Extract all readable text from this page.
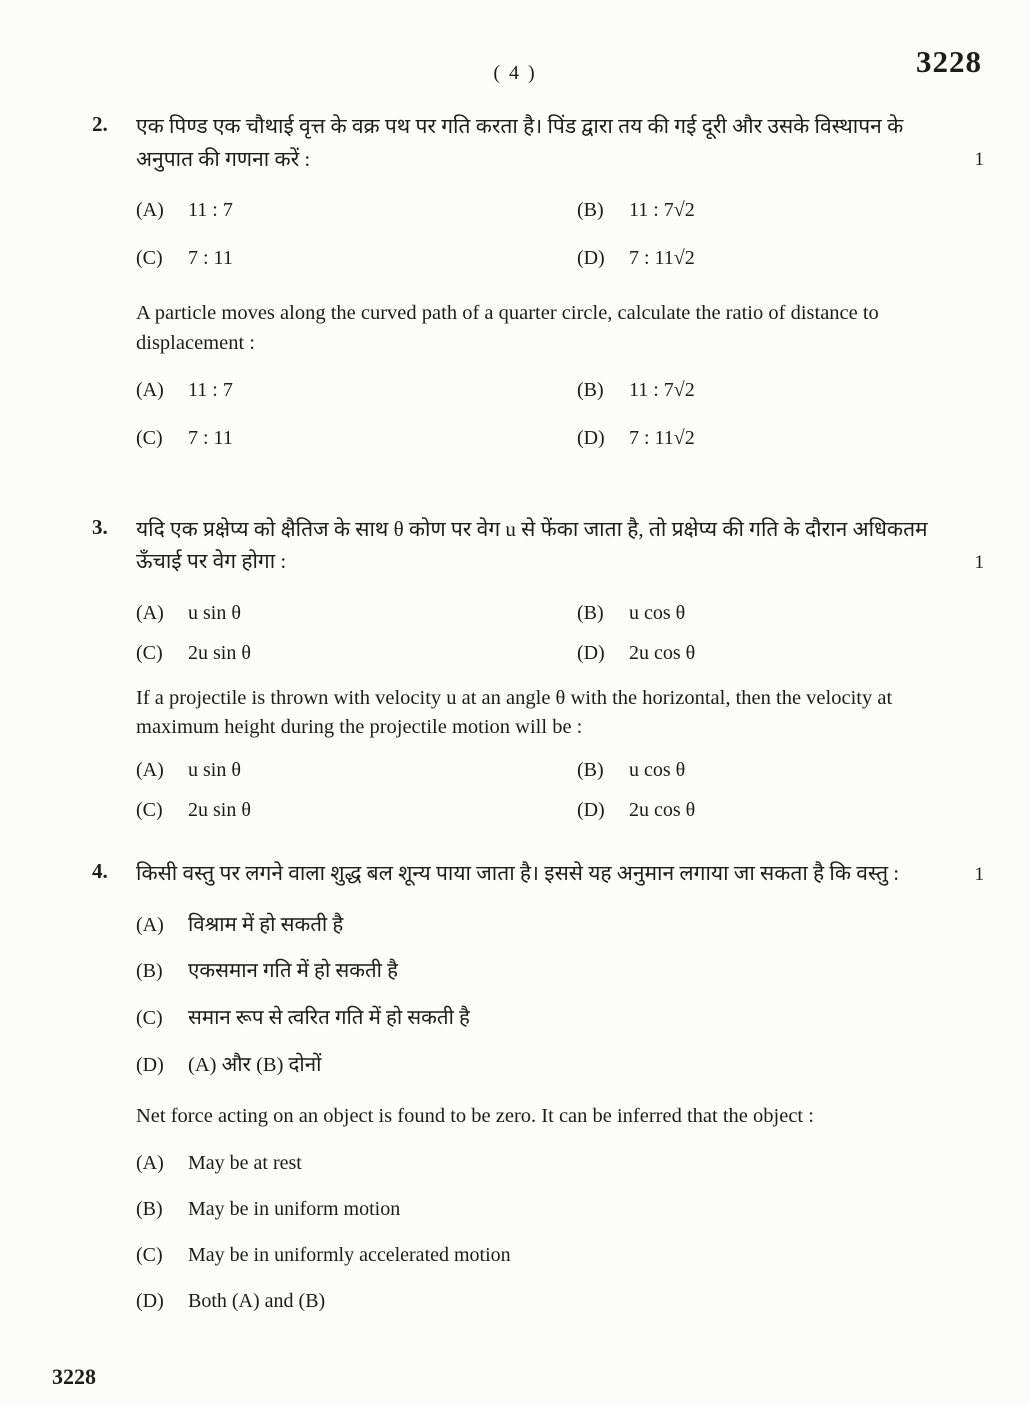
( 4 )	3228
2.	एक पिण्ड एक चौथाई वृत्त के वक्र पथ पर गति करता है। पिंड द्वारा तय की गई दूरी और उसके विस्थापन के अनुपात की गणना करें :	1
(A)	11 : 7	(B)	11 : 7√2
(C)	7 : 11	(D)	7 : 11√2
A particle moves along the curved path of a quarter circle, calculate the ratio of distance to displacement :
(A)	11 : 7	(B)	11 : 7√2
(C)	7 : 11	(D)	7 : 11√2
3.	यदि एक प्रक्षेप्य को क्षैतिज के साथ θ कोण पर वेग u से फेंका जाता है, तो प्रक्षेप्य की गति के दौरान अधिकतम ऊँचाई पर वेग होगा :	1
(A)	u sin θ	(B)	u cos θ
(C)	2u sin θ	(D)	2u cos θ
If a projectile is thrown with velocity u at an angle θ with the horizontal, then the velocity at maximum height during the projectile motion will be :
(A)	u sin θ	(B)	u cos θ
(C)	2u sin θ	(D)	2u cos θ
4.	किसी वस्तु पर लगने वाला शुद्ध बल शून्य पाया जाता है। इससे यह अनुमान लगाया जा सकता है कि वस्तु :	1
(A)	विश्राम में हो सकती है
(B)	एकसमान गति में हो सकती है
(C)	समान रूप से त्वरित गति में हो सकती है
(D)	(A) और (B) दोनों
Net force acting on an object is found to be zero. It can be inferred that the object :
(A)	May be at rest
(B)	May be in uniform motion
(C)	May be in uniformly accelerated motion
(D)	Both (A) and (B)
3228
